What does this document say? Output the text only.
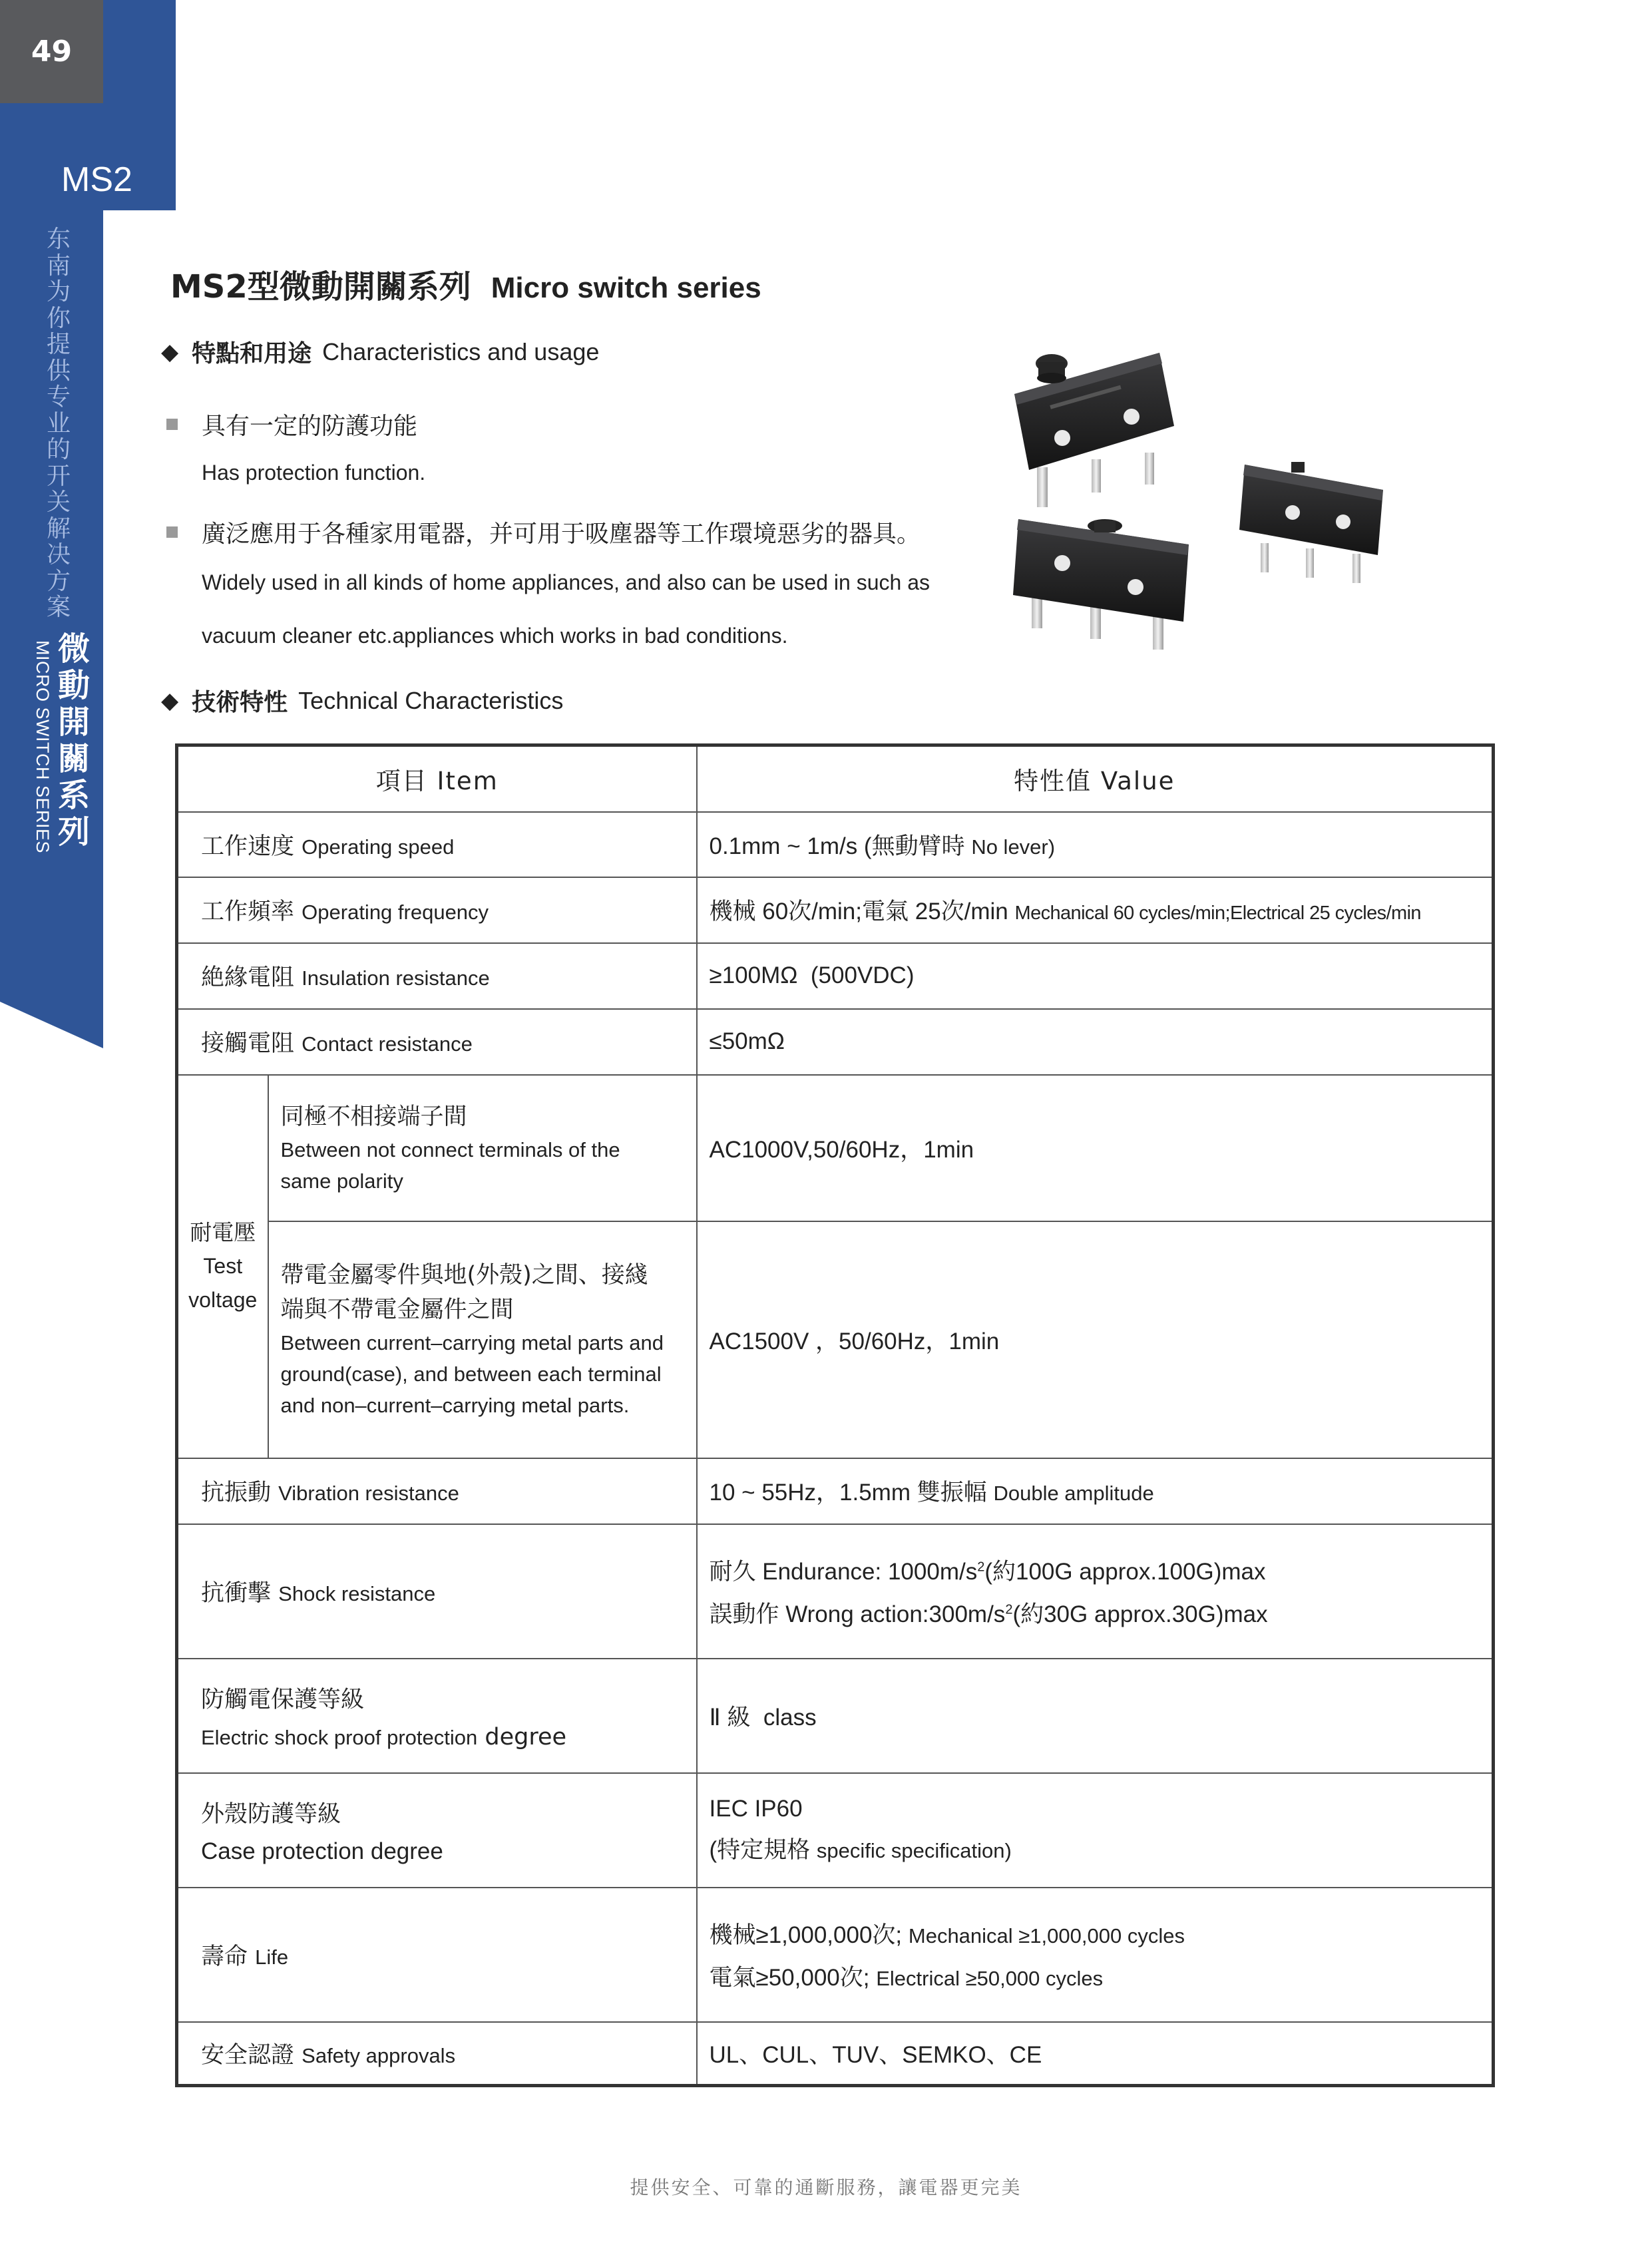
49
MS2
东
南
为
你
提
供
专
业
的
开
关
解
决
方
案
MICRO SWITCH SERIES 微
動
開
關
系
列
MS2型微動開關系列 Micro switch series
◆ 特點和用途 Characteristics and usage
具有一定的防護功能
Has protection function.
廣泛應用于各種家用電器，并可用于吸塵器等工作環境惡劣的器具。
Widely used in all kinds of home appliances, and also can be used in such as
vacuum cleaner etc.appliances which works in bad conditions.
◆ 技術特性 Technical Characteristics
項目 Item		特性值 Value
工作速度 Operating speed		0.1mm ~ 1m/s (無動臂時 No lever)
工作頻率 Operating frequency		機械 60次/min;電氣 25次/min Mechanical 60 cycles/min;Electrical 25 cycles/min
絶緣電阻 Insulation resistance		≥100MΩ  (500VDC)
接觸電阻 Contact resistance		≤50mΩ

耐電壓
Test
voltage	同極不相接端子間
Between not connect terminals of the
same polarity	AC1000V,50/60Hz，1min

	帶電金屬零件與地(外殼)之間、接綫
端與不帶電金屬件之間
Between current–carrying metal parts and
ground(case), and between each terminal
and non–current–carrying metal parts.	AC1500V ，50/60Hz，1min
抗振動 Vibration resistance		10 ~ 55Hz，1.5mm 雙振幅 Double amplitude
抗衝擊 Shock resistance		耐久 Endurance: $1000m/s^2$(約100G approx.100G)max
誤動作 Wrong $action:300m/s^2$(約30G approx.30G)max

防觸電保護等級
Electric shock proof protection degree		Ⅱ 級  class

外殼防護等級
Case protection degree		IEC IP60
(特定規格 specific specification)

壽命 Life		機械≥1,000,000次; Mechanical ≥1,000,000 cycles
電氣≥50,000次; Electrical ≥50,000 cycles

安全認證 Safety approvals		UL、CUL、TUV、SEMKO、CE
提供安全、可靠的通斷服務，讓電器更完美
